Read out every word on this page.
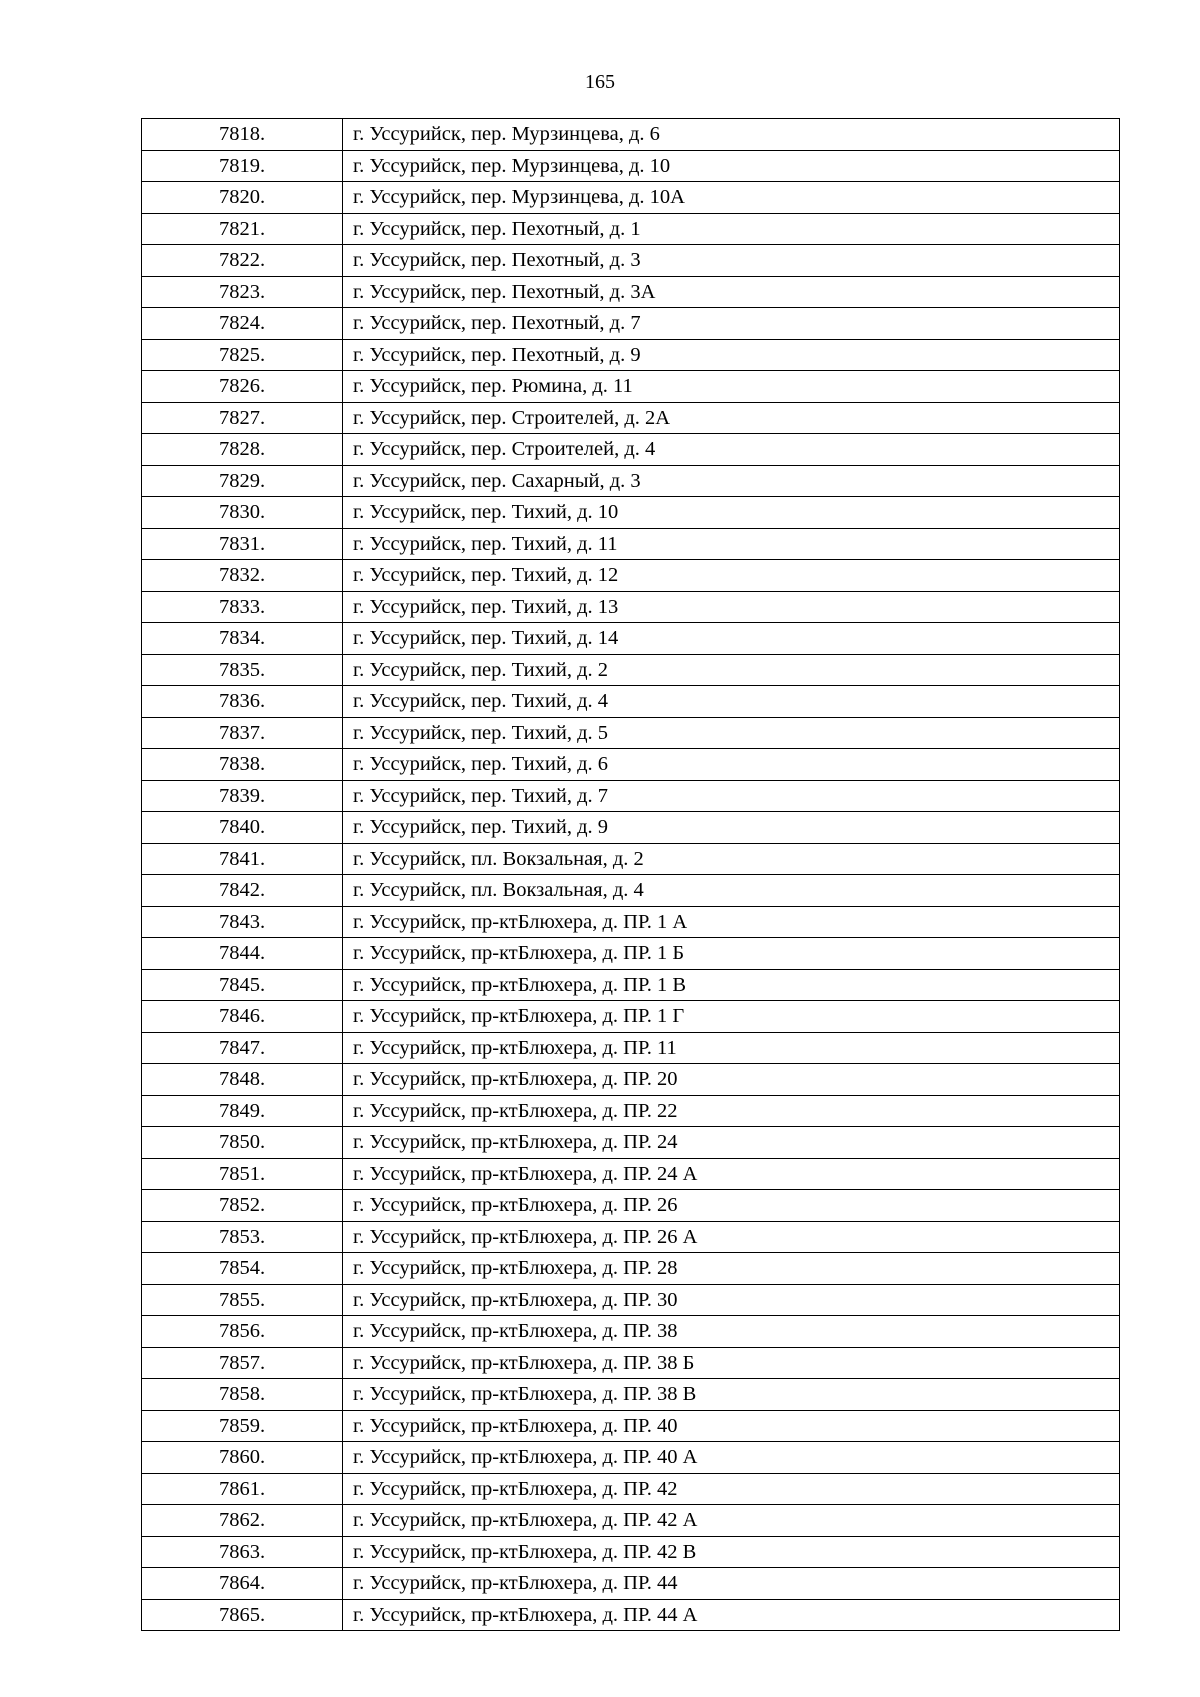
165
7818.	г. Уссурийск, пер. Мурзинцева, д. 6
7819.	г. Уссурийск, пер. Мурзинцева, д. 10
7820.	г. Уссурийск, пер. Мурзинцева, д. 10А
7821.	г. Уссурийск, пер. Пехотный, д. 1
7822.	г. Уссурийск, пер. Пехотный, д. 3
7823.	г. Уссурийск, пер. Пехотный, д. 3А
7824.	г. Уссурийск, пер. Пехотный, д. 7
7825.	г. Уссурийск, пер. Пехотный, д. 9
7826.	г. Уссурийск, пер. Рюмина, д. 11
7827.	г. Уссурийск, пер. Строителей, д. 2А
7828.	г. Уссурийск, пер. Строителей, д. 4
7829.	г. Уссурийск, пер. Сахарный, д. 3
7830.	г. Уссурийск, пер. Тихий, д. 10
7831.	г. Уссурийск, пер. Тихий, д. 11
7832.	г. Уссурийск, пер. Тихий, д. 12
7833.	г. Уссурийск, пер. Тихий, д. 13
7834.	г. Уссурийск, пер. Тихий, д. 14
7835.	г. Уссурийск, пер. Тихий, д. 2
7836.	г. Уссурийск, пер. Тихий, д. 4
7837.	г. Уссурийск, пер. Тихий, д. 5
7838.	г. Уссурийск, пер. Тихий, д. 6
7839.	г. Уссурийск, пер. Тихий, д. 7
7840.	г. Уссурийск, пер. Тихий, д. 9
7841.	г. Уссурийск, пл. Вокзальная, д. 2
7842.	г. Уссурийск, пл. Вокзальная, д. 4
7843.	г. Уссурийск, пр-ктБлюхера, д. ПР. 1 А
7844.	г. Уссурийск, пр-ктБлюхера, д. ПР. 1 Б
7845.	г. Уссурийск, пр-ктБлюхера, д. ПР. 1 В
7846.	г. Уссурийск, пр-ктБлюхера, д. ПР. 1 Г
7847.	г. Уссурийск, пр-ктБлюхера, д. ПР. 11
7848.	г. Уссурийск, пр-ктБлюхера, д. ПР. 20
7849.	г. Уссурийск, пр-ктБлюхера, д. ПР. 22
7850.	г. Уссурийск, пр-ктБлюхера, д. ПР. 24
7851.	г. Уссурийск, пр-ктБлюхера, д. ПР. 24 А
7852.	г. Уссурийск, пр-ктБлюхера, д. ПР. 26
7853.	г. Уссурийск, пр-ктБлюхера, д. ПР. 26 А
7854.	г. Уссурийск, пр-ктБлюхера, д. ПР. 28
7855.	г. Уссурийск, пр-ктБлюхера, д. ПР. 30
7856.	г. Уссурийск, пр-ктБлюхера, д. ПР. 38
7857.	г. Уссурийск, пр-ктБлюхера, д. ПР. 38 Б
7858.	г. Уссурийск, пр-ктБлюхера, д. ПР. 38 В
7859.	г. Уссурийск, пр-ктБлюхера, д. ПР. 40
7860.	г. Уссурийск, пр-ктБлюхера, д. ПР. 40 А
7861.	г. Уссурийск, пр-ктБлюхера, д. ПР. 42
7862.	г. Уссурийск, пр-ктБлюхера, д. ПР. 42 А
7863.	г. Уссурийск, пр-ктБлюхера, д. ПР. 42 В
7864.	г. Уссурийск, пр-ктБлюхера, д. ПР. 44
7865.	г. Уссурийск, пр-ктБлюхера, д. ПР. 44 А
